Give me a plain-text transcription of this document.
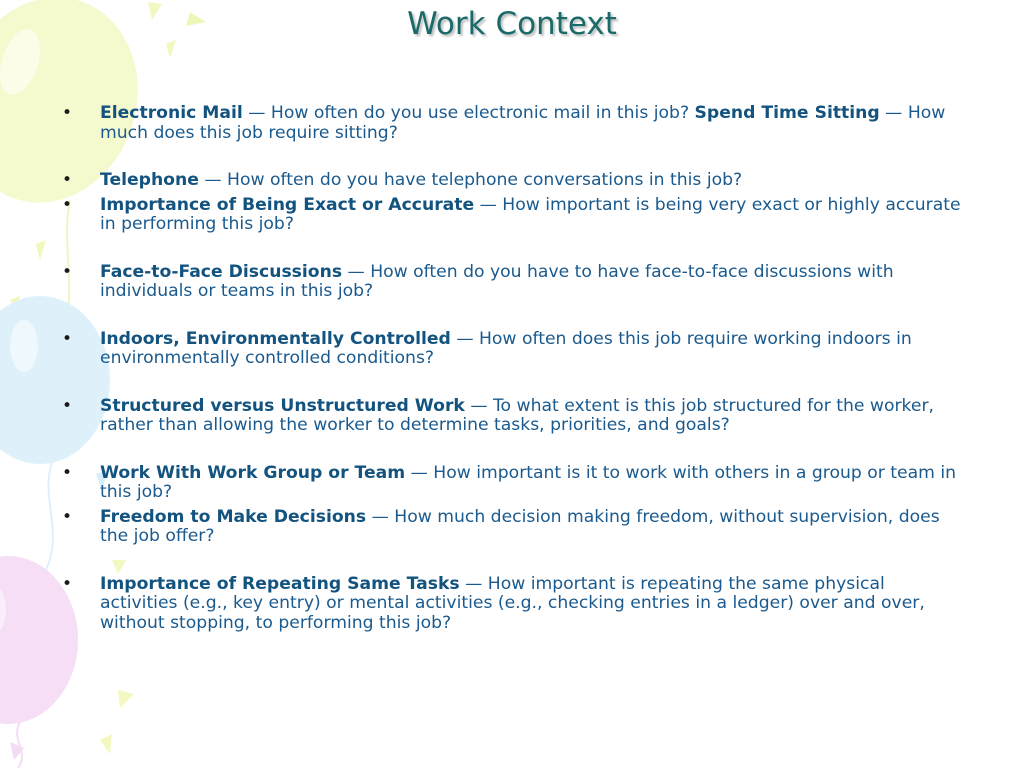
Work Context
• Electronic Mail — How often do you use electronic mail in this job? Spend Time Sitting — How much does this job require sitting?
• Telephone — How often do you have telephone conversations in this job?
• Importance of Being Exact or Accurate — How important is being very exact or highly accurate in performing this job?
• Face-to-Face Discussions — How often do you have to have face-to-face discussions with individuals or teams in this job?
• Indoors, Environmentally Controlled — How often does this job require working indoors in environmentally controlled conditions?
• Structured versus Unstructured Work — To what extent is this job structured for the worker, rather than allowing the worker to determine tasks, priorities, and goals?
• Work With Work Group or Team — How important is it to work with others in a group or team in this job?
• Freedom to Make Decisions — How much decision making freedom, without supervision, does the job offer?
• Importance of Repeating Same Tasks — How important is repeating the same physical activities (e.g., key entry) or mental activities (e.g., checking entries in a ledger) over and over, without stopping, to performing this job?
